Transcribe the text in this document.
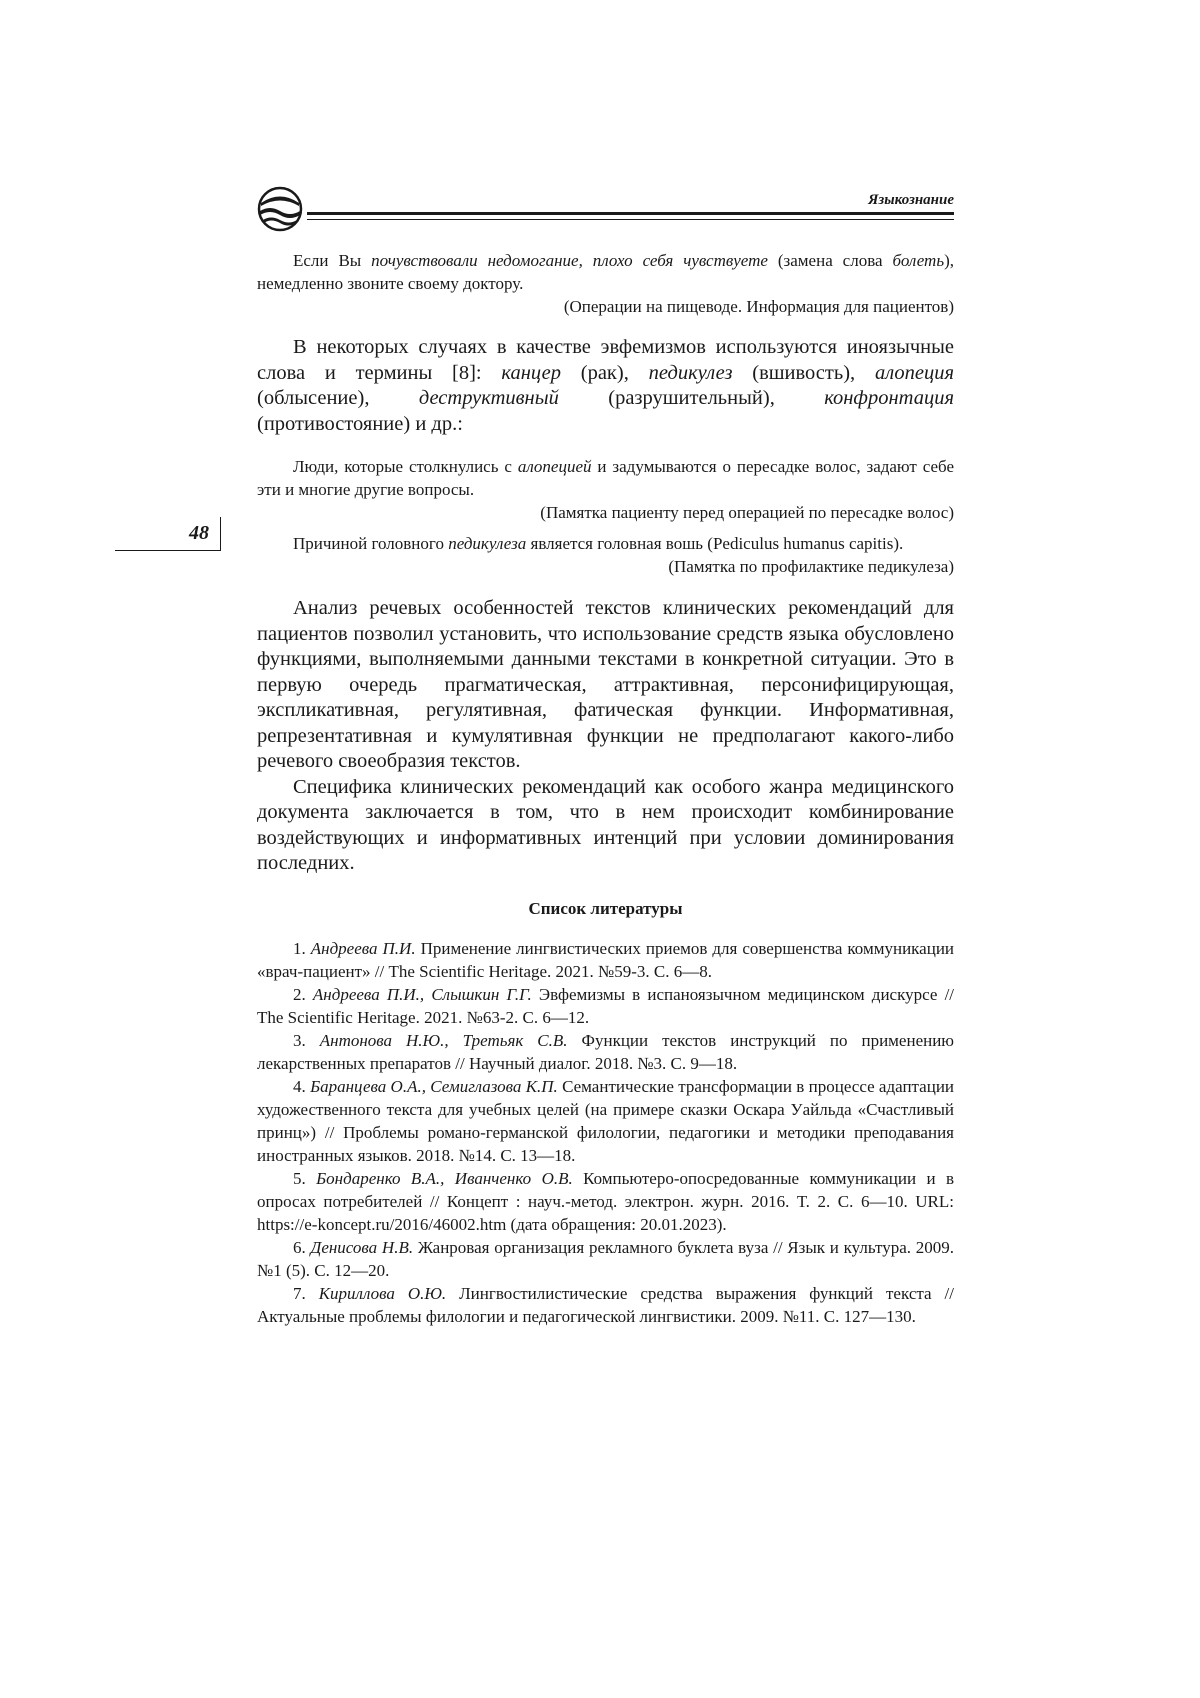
Языкознание
48

Если Вы почувствовали недомогание, плохо себя чувствуете (замена слова болеть), немедленно звоните своему доктору.

(Операции на пищеводе. Информация для пациентов)

В некоторых случаях в качестве эвфемизмов используются иноязычные слова и термины [8]: канцер (рак), педикулез (вшивость), алопеция (облысение), деструктивный (разрушительный), конфронтация (противостояние) и др.:

Люди, которые столкнулись с алопецией и задумываются о пересадке волос, задают себе эти и многие другие вопросы.

(Памятка пациенту перед операцией по пересадке волос)

Причиной головного педикулеза является головная вошь (Pediculus humanus capitis).

(Памятка по профилактике педикулеза)

Анализ речевых особенностей текстов клинических рекомендаций для пациентов позволил установить, что использование средств языка обусловлено функциями, выполняемыми данными текстами в конкретной ситуации. Это в первую очередь прагматическая, аттрактивная, персонифицирующая, экспликативная, регулятивная, фатическая функции. Информативная, репрезентативная и кумулятивная функции не предполагают какого-либо речевого своеобразия текстов.

Специфика клинических рекомендаций как особого жанра медицинского документа заключается в том, что в нем происходит комбинирование воздействующих и информативных интенций при условии доминирования последних.

Список литературы

1. Андреева П.И. Применение лингвистических приемов для совершенства коммуникации «врач-пациент» // The Scientific Heritage. 2021. №59-3. С. 6—8.

2. Андреева П.И., Слышкин Г.Г. Эвфемизмы в испаноязычном медицинском дискурсе // The Scientific Heritage. 2021. №63-2. С. 6—12.

3. Антонова Н.Ю., Третьяк С.В. Функции текстов инструкций по применению лекарственных препаратов // Научный диалог. 2018. №3. С. 9—18.

4. Баранцева О.А., Семиглазова К.П. Семантические трансформации в процессе адаптации художественного текста для учебных целей (на примере сказки Оскара Уайльда «Счастливый принц») // Проблемы романо-германской филологии, педагогики и методики преподавания иностранных языков. 2018. №14. С. 13—18.

5. Бондаренко В.А., Иванченко О.В. Компьютеро-опосредованные коммуникации и в опросах потребителей // Концепт : науч.-метод. электрон. журн. 2016. Т. 2. С. 6—10. URL: https://e-koncept.ru/2016/46002.htm (дата обращения: 20.01.2023).

6. Денисова Н.В. Жанровая организация рекламного буклета вуза // Язык и культура. 2009. №1 (5). С. 12—20.

7. Кириллова О.Ю. Лингвостилистические средства выражения функций текста // Актуальные проблемы филологии и педагогической лингвистики. 2009. №11. С. 127—130.
